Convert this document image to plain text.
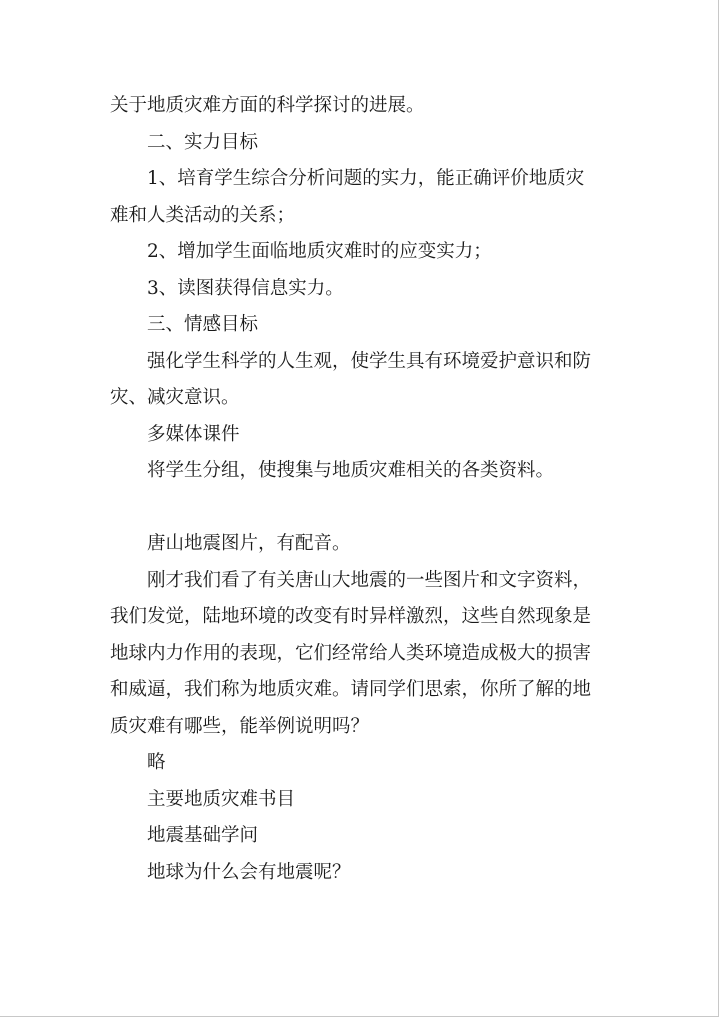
关于地质灾难方面的科学探讨的进展。

二、实力目标

1、培育学生综合分析问题的实力，能正确评价地质灾

难和人类活动的关系；

2、增加学生面临地质灾难时的应变实力；

3、读图获得信息实力。

三、情感目标

强化学生科学的人生观，使学生具有环境爱护意识和防

灾、减灾意识。

多媒体课件

将学生分组，使搜集与地质灾难相关的各类资料。

唐山地震图片，有配音。

刚才我们看了有关唐山大地震的一些图片和文字资料，

我们发觉，陆地环境的改变有时异样激烈，这些自然现象是

地球内力作用的表现，它们经常给人类环境造成极大的损害

和威逼，我们称为地质灾难。请同学们思索，你所了解的地

质灾难有哪些，能举例说明吗？

略

主要地质灾难书目

地震基础学问

地球为什么会有地震呢？
